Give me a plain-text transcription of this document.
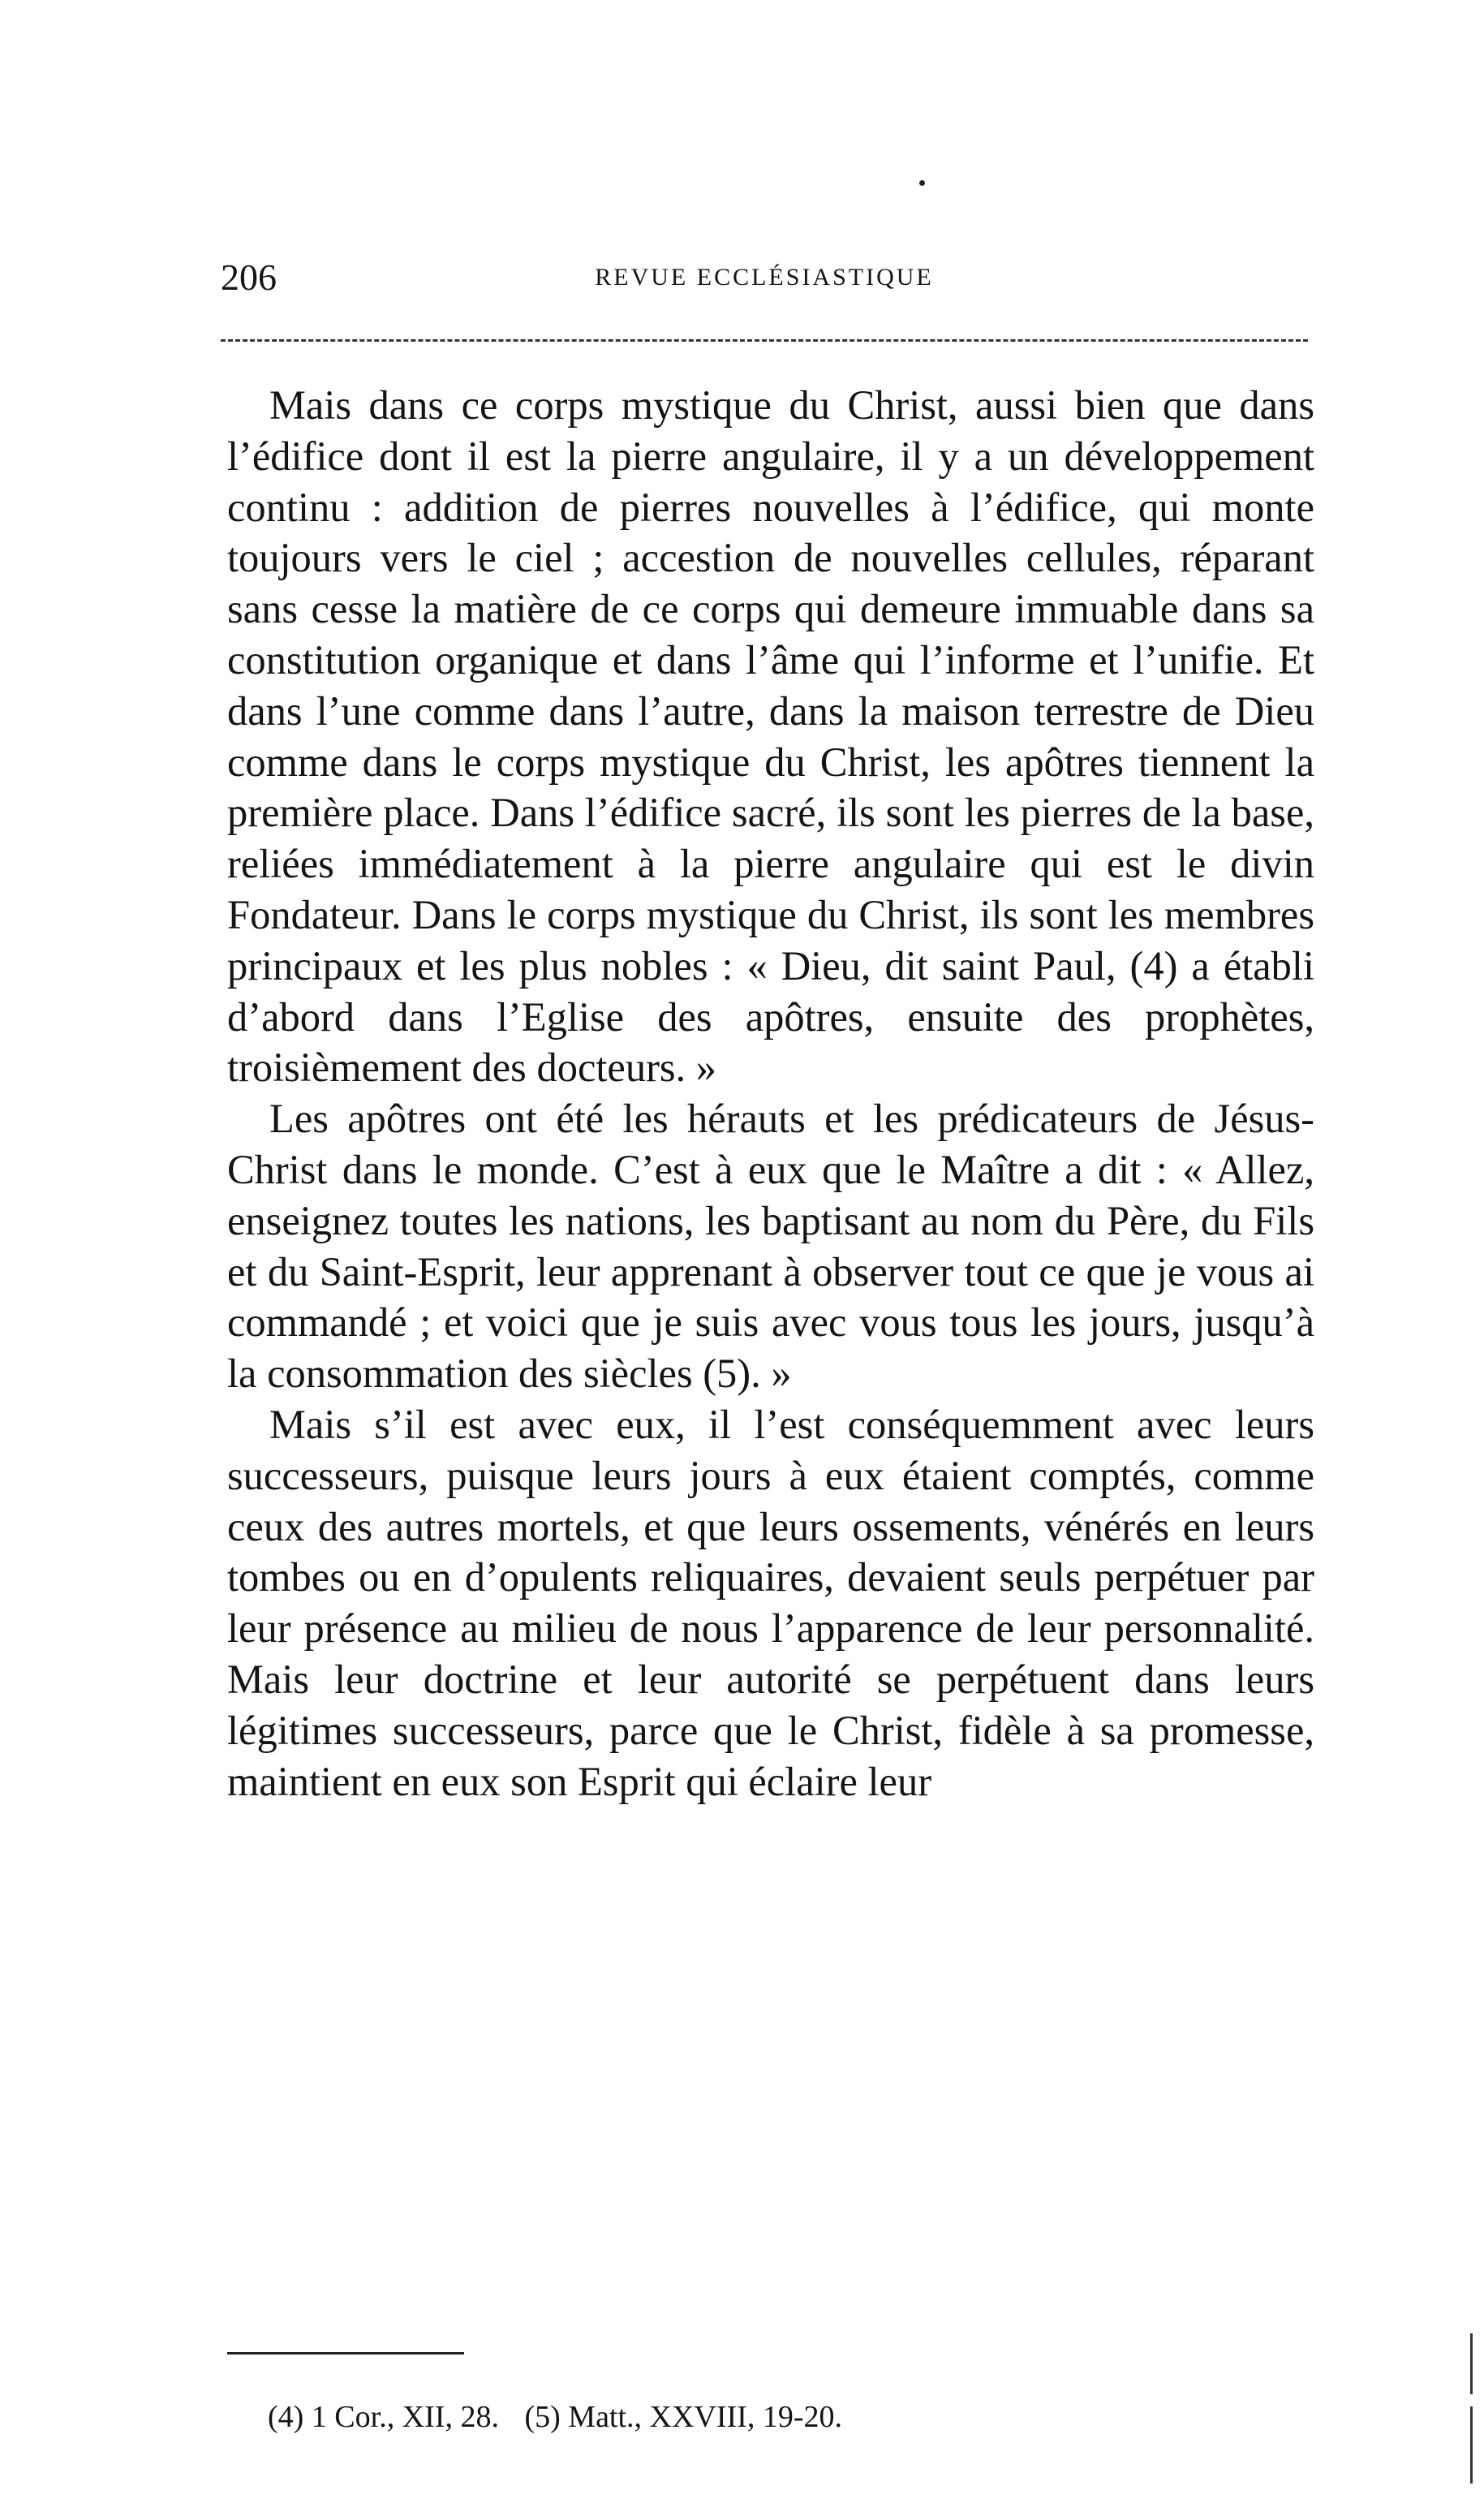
206	REVUE ECCLÉSIASTIQUE

Mais dans ce corps mystique du Christ, aussi bien que dans l’édifice dont il est la pierre angulaire, il y a un développement continu : addition de pierres nouvelles à l’édifice, qui monte toujours vers le ciel ; accestion de nouvelles cellules, réparant sans cesse la matière de ce corps qui demeure immuable dans sa constitution organique et dans l’âme qui l’informe et l’unifie. Et dans l’une comme dans l’autre, dans la maison terrestre de Dieu comme dans le corps mystique du Christ, les apôtres tiennent la première place. Dans l’édifice sacré, ils sont les pierres de la base, reliées immédiatement à la pierre angulaire qui est le divin Fondateur. Dans le corps mystique du Christ, ils sont les membres principaux et les plus nobles : « Dieu, dit saint Paul, (4) a établi d’abord dans l’Eglise des apôtres, ensuite des prophètes, troisièmement des docteurs. »

Les apôtres ont été les hérauts et les prédicateurs de Jésus-Christ dans le monde. C’est à eux que le Maître a dit : « Allez, enseignez toutes les nations, les baptisant au nom du Père, du Fils et du Saint-Esprit, leur apprenant à observer tout ce que je vous ai commandé ; et voici que je suis avec vous tous les jours, jusqu’à la consommation des siècles (5). »

Mais s’il est avec eux, il l’est conséquemment avec leurs successeurs, puisque leurs jours à eux étaient comptés, comme ceux des autres mortels, et que leurs ossements, vénérés en leurs tombes ou en d’opulents reliquaires, devaient seuls perpétuer par leur présence au milieu de nous l’apparence de leur personnalité. Mais leur doctrine et leur autorité se perpétuent dans leurs légitimes successeurs, parce que le Christ, fidèle à sa promesse, maintient en eux son Esprit qui éclaire leur

(4) 1 Cor., XII, 28. (5) Matt., XXVIII, 19-20.
